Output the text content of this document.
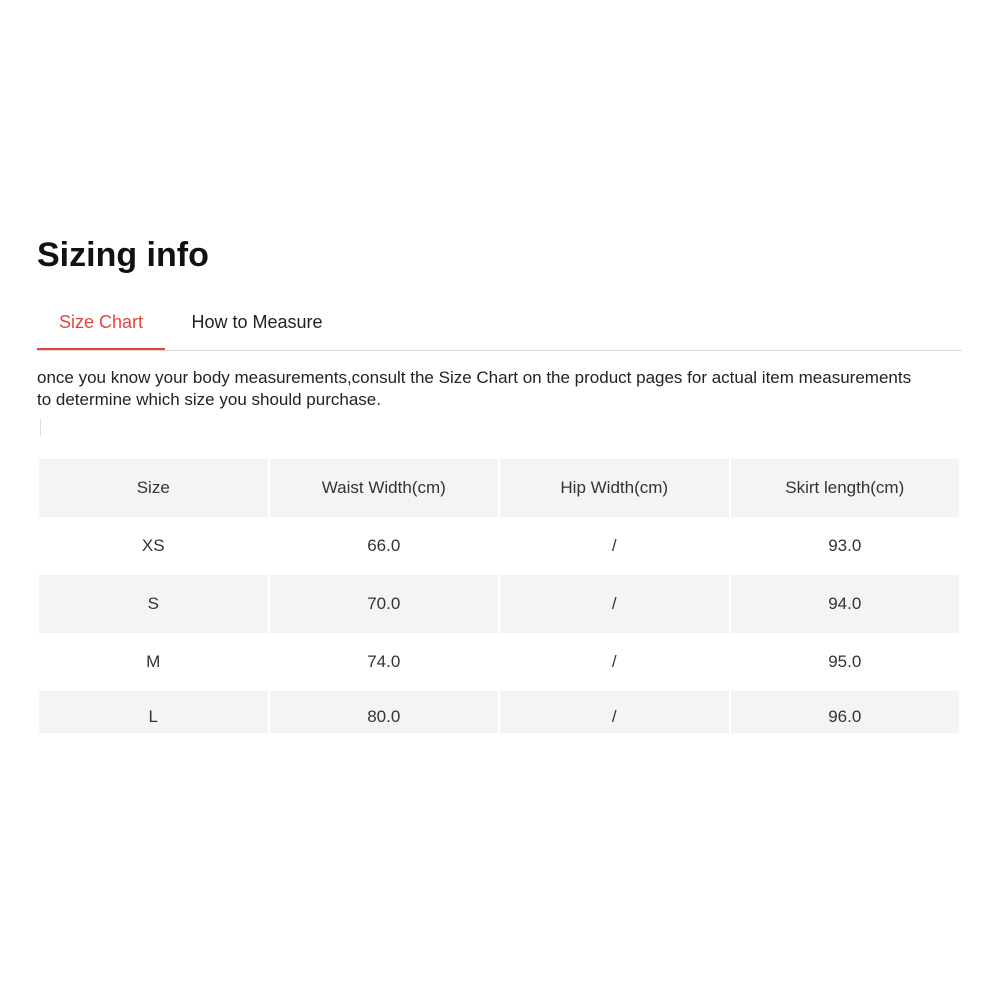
Sizing info
Size Chart	How to Measure

once you know your body measurements,consult the Size Chart on the product pages for actual item measurements to determine which size you should purchase.

Size	Waist Width(cm)	Hip Width(cm)	Skirt length(cm)
XS	66.0	/	93.0
S	70.0	/	94.0
M	74.0	/	95.0
L	80.0	/	96.0
